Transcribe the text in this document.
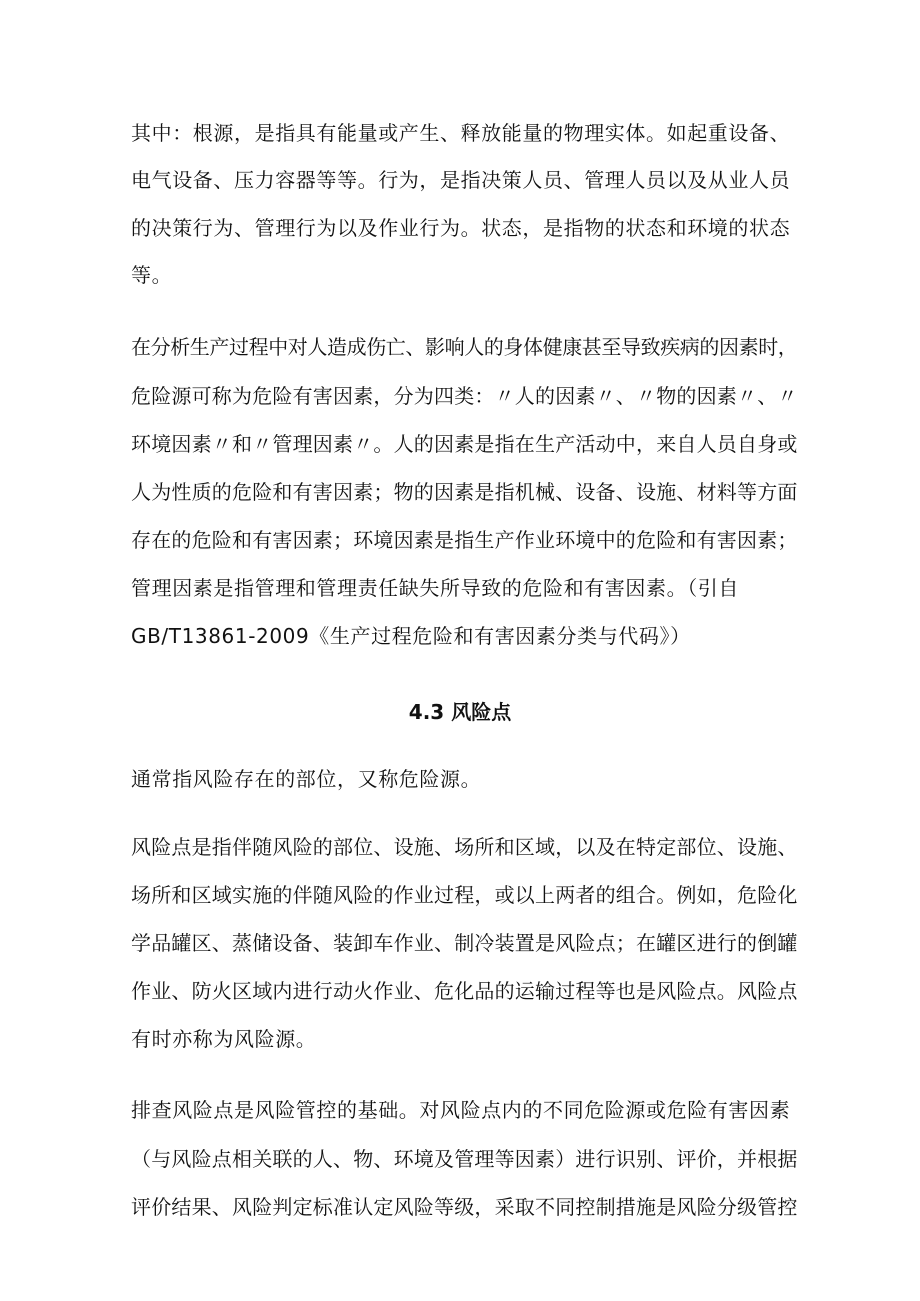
其中：根源，是指具有能量或产生、释放能量的物理实体。如起重设备、
电气设备、压力容器等等。行为，是指决策人员、管理人员以及从业人员
的决策行为、管理行为以及作业行为。状态，是指物的状态和环境的状态
等。
在分析生产过程中对人造成伤亡、影响人的身体健康甚至导致疾病的因素时，
危险源可称为危险有害因素，分为四类：〃人的因素〃、〃物的因素〃、〃
环境因素〃和〃管理因素〃。人的因素是指在生产活动中，来自人员自身或
人为性质的危险和有害因素；物的因素是指机械、设备、设施、材料等方面
存在的危险和有害因素；环境因素是指生产作业环境中的危险和有害因素；
管理因素是指管理和管理责任缺失所导致的危险和有害因素。（引自
GB/T13861-2009《生产过程危险和有害因素分类与代码》）
4.3 风险点
通常指风险存在的部位，又称危险源。
风险点是指伴随风险的部位、设施、场所和区域，以及在特定部位、设施、
场所和区域实施的伴随风险的作业过程，或以上两者的组合。例如，危险化
学品罐区、蒸储设备、装卸车作业、制冷装置是风险点；在罐区进行的倒罐
作业、防火区域内进行动火作业、危化品的运输过程等也是风险点。风险点
有时亦称为风险源。
排查风险点是风险管控的基础。对风险点内的不同危险源或危险有害因素
（与风险点相关联的人、物、环境及管理等因素）进行识别、评价，并根据
评价结果、风险判定标准认定风险等级，采取不同控制措施是风险分级管控
